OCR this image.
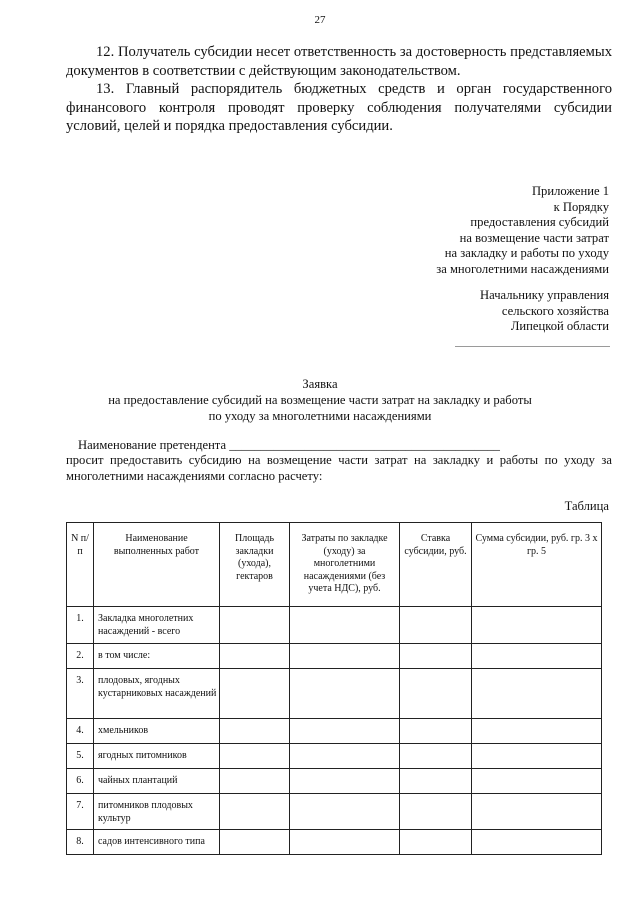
27
12. Получатель субсидии несет ответственность за достоверность представляемых документов в соответствии с действующим законодательством.
13. Главный распорядитель бюджетных средств и орган государственного финансового контроля проводят проверку соблюдения получателями субсидии условий, целей и порядка предоставления субсидии.
Приложение 1
к Порядку
предоставления субсидий
на возмещение части затрат
на закладку и работы по уходу
за многолетними насаждениями
Начальнику управления
сельского хозяйства
Липецкой области
Заявка
на предоставление субсидий на возмещение части затрат на закладку и работы
по уходу за многолетними насаждениями
Наименование претендента ___________________________________________
просит предоставить субсидию на возмещение части затрат на закладку и работы по уходу за
многолетними насаждениями согласно расчету:
Таблица
N п/п	Наименование выполненных работ	Площадь закладки (ухода), гектаров	Затраты по закладке (уходу) за многолетними насаждениями (без учета НДС), руб.	Ставка субсидии, руб.	Сумма субсидии, руб. гр. 3 x гр. 5
1.	Закладка многолетних насаждений - всего				
2.	в том числе:				
3.	плодовых, ягодных кустарниковых насаждений				
4.	хмельников				
5.	ягодных питомников				
6.	чайных плантаций				
7.	питомников плодовых культур				
8.	садов интенсивного типа				
